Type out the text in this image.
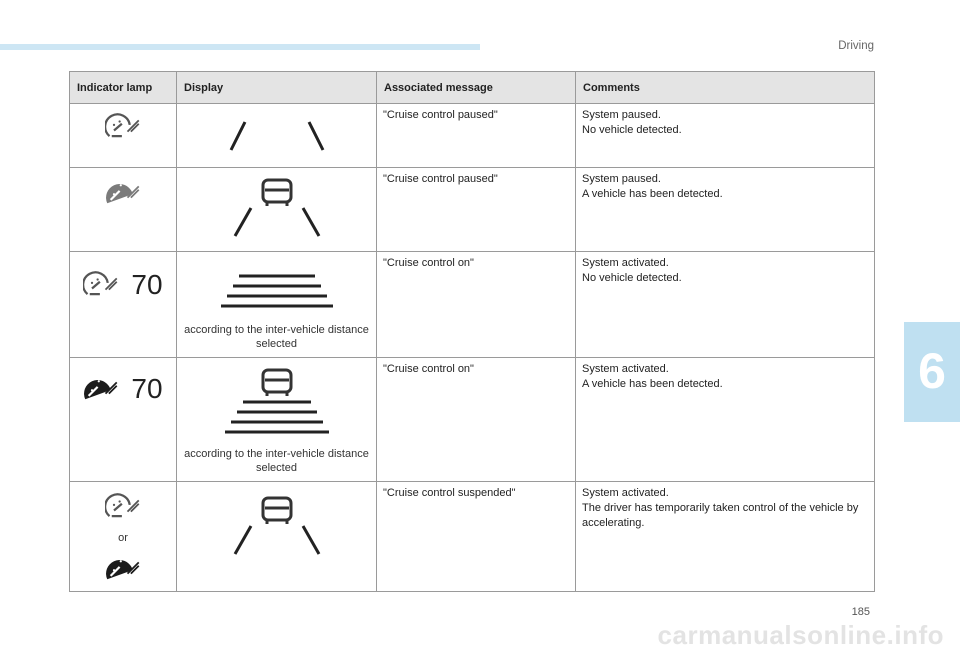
Driving
6
185
carmanualsonline.info
Indicator lamp	Display	Associated message	Comments
		"Cruise control paused"	System paused.
No vehicle detected.

		"Cruise control paused"	System paused.
A vehicle has been detected.

70	according to the inter-vehicle distance selected	"Cruise control on"	System activated.
No vehicle detected.

70	according to the inter-vehicle distance selected	"Cruise control on"	System activated.
A vehicle has been detected.

or		"Cruise control suspended"	System activated.
The driver has temporarily taken control of the vehicle by accelerating.
